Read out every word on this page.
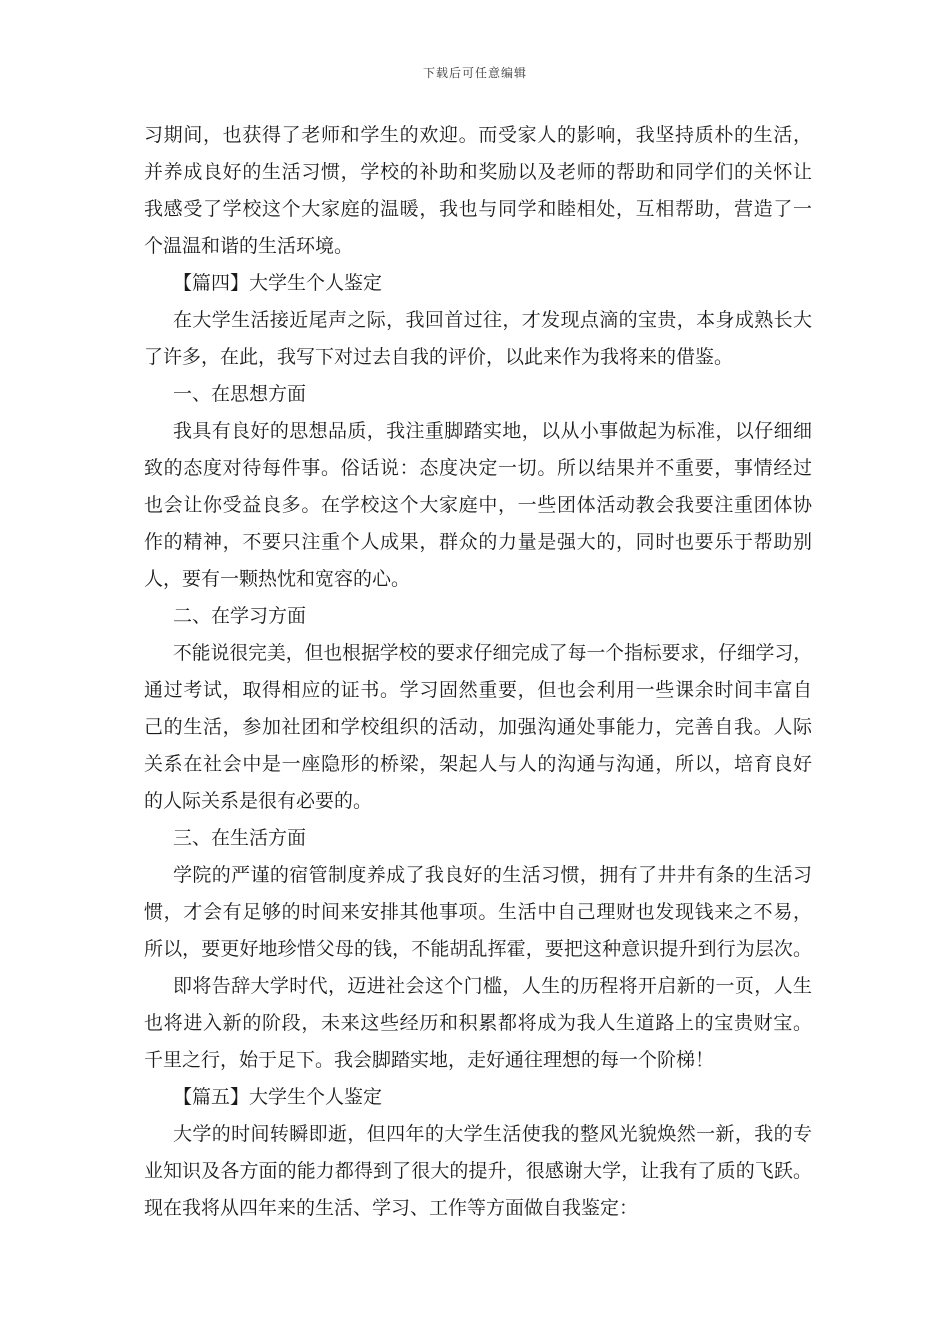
下载后可任意编辑
习期间，也获得了老师和学生的欢迎。而受家人的影响，我坚持质朴的生活，
并养成良好的生活习惯，学校的补助和奖励以及老师的帮助和同学们的关怀让
我感受了学校这个大家庭的温暖，我也与同学和睦相处，互相帮助，营造了一
个温温和谐的生活环境。
【篇四】大学生个人鉴定
在大学生活接近尾声之际，我回首过往，才发现点滴的宝贵，本身成熟长大
了许多，在此，我写下对过去自我的评价，以此来作为我将来的借鉴。
一、在思想方面
我具有良好的思想品质，我注重脚踏实地，以从小事做起为标准，以仔细细
致的态度对待每件事。俗话说：态度决定一切。所以结果并不重要，事情经过
也会让你受益良多。在学校这个大家庭中，一些团体活动教会我要注重团体协
作的精神，不要只注重个人成果，群众的力量是强大的，同时也要乐于帮助别
人，要有一颗热忱和宽容的心。
二、在学习方面
不能说很完美，但也根据学校的要求仔细完成了每一个指标要求，仔细学习，
通过考试，取得相应的证书。学习固然重要，但也会利用一些课余时间丰富自
己的生活，参加社团和学校组织的活动，加强沟通处事能力，完善自我。人际
关系在社会中是一座隐形的桥梁，架起人与人的沟通与沟通，所以，培育良好
的人际关系是很有必要的。
三、在生活方面
学院的严谨的宿管制度养成了我良好的生活习惯，拥有了井井有条的生活习
惯，才会有足够的时间来安排其他事项。生活中自己理财也发现钱来之不易，
所以，要更好地珍惜父母的钱，不能胡乱挥霍，要把这种意识提升到行为层次。
即将告辞大学时代，迈进社会这个门槛，人生的历程将开启新的一页，人生
也将进入新的阶段，未来这些经历和积累都将成为我人生道路上的宝贵财宝。
千里之行，始于足下。我会脚踏实地，走好通往理想的每一个阶梯！
【篇五】大学生个人鉴定
大学的时间转瞬即逝，但四年的大学生活使我的整风光貌焕然一新，我的专
业知识及各方面的能力都得到了很大的提升，很感谢大学，让我有了质的飞跃。
现在我将从四年来的生活、学习、工作等方面做自我鉴定：
